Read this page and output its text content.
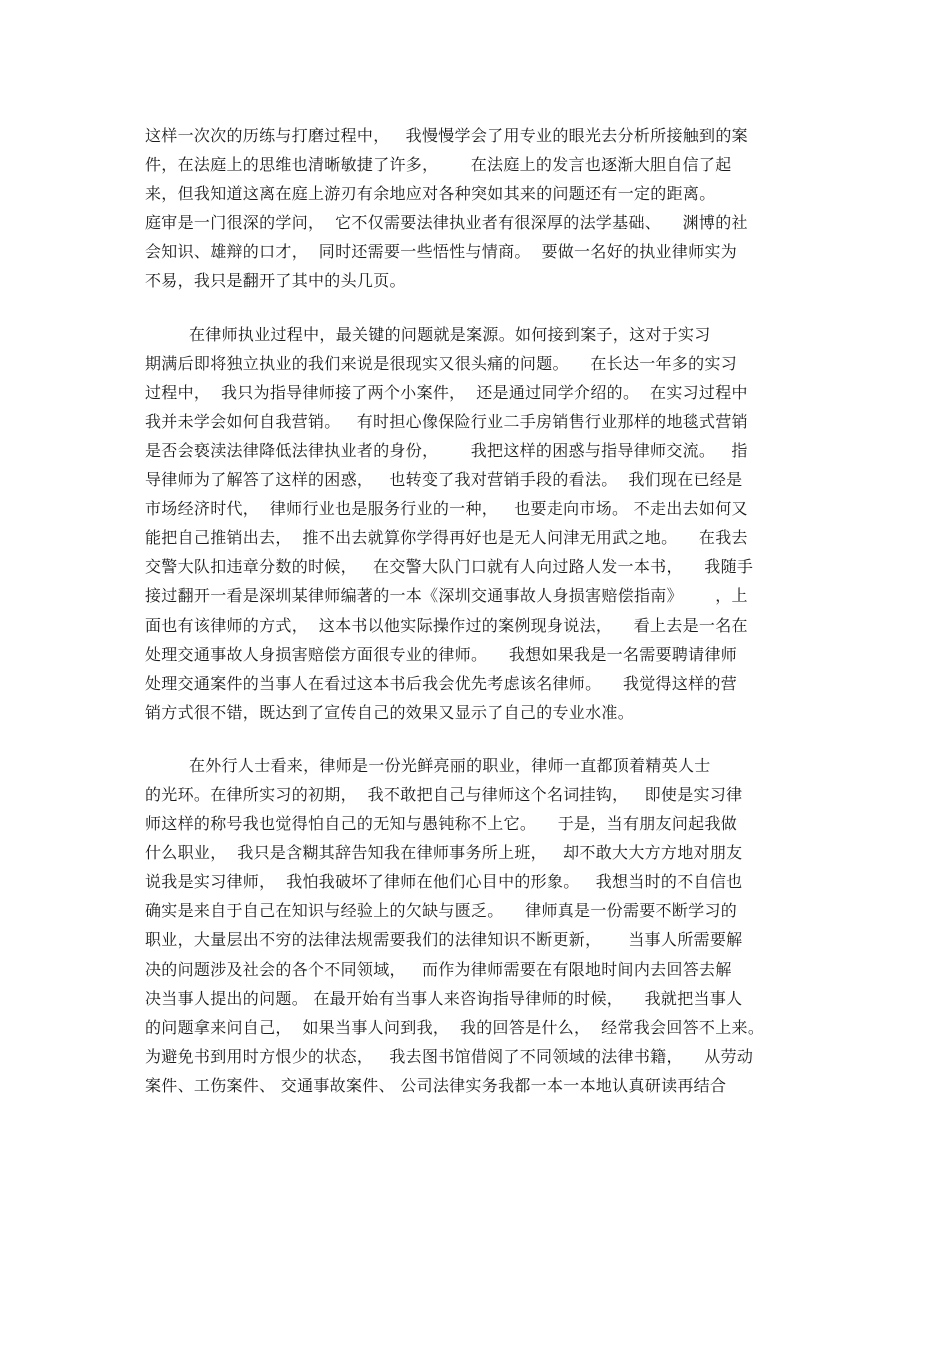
这样一次次的历练与打磨过程中，   我慢慢学会了用专业的眼光去分析所接触到的案
件，在法庭上的思维也清晰敏捷了许多，      在法庭上的发言也逐渐大胆自信了起
来，但我知道这离在庭上游刃有余地应对各种突如其来的问题还有一定的距离。
庭审是一门很深的学问，  它不仅需要法律执业者有很深厚的法学基础、    渊博的社
会知识、雄辩的口才，  同时还需要一些悟性与情商。  要做一名好的执业律师实为
不易，我只是翻开了其中的头几页。
在律师执业过程中，最关键的问题就是案源。如何接到案子，这对于实习
期满后即将独立执业的我们来说是很现实又很头痛的问题。    在长达一年多的实习
过程中，  我只为指导律师接了两个小案件，  还是通过同学介绍的。  在实习过程中
我并未学会如何自我营销。   有时担心像保险行业二手房销售行业那样的地毯式营销
是否会亵渎法律降低法律执业者的身份，      我把这样的困惑与指导律师交流。   指
导律师为了解答了这样的困惑，   也转变了我对营销手段的看法。  我们现在已经是
市场经济时代，  律师行业也是服务行业的一种，   也要走向市场。 不走出去如何又
能把自己推销出去，  推不出去就算你学得再好也是无人问津无用武之地。    在我去
交警大队扣违章分数的时候，   在交警大队门口就有人向过路人发一本书，    我随手
接过翻开一看是深圳某律师编著的一本《深圳交通事故人身损害赔偿指南》      ，上
面也有该律师的方式，  这本书以他实际操作过的案例现身说法，    看上去是一名在
处理交通事故人身损害赔偿方面很专业的律师。    我想如果我是一名需要聘请律师
处理交通案件的当事人在看过这本书后我会优先考虑该名律师。    我觉得这样的营
销方式很不错，既达到了宣传自己的效果又显示了自己的专业水准。
在外行人士看来，律师是一份光鲜亮丽的职业，律师一直都顶着精英人士
的光环。在律所实习的初期，  我不敢把自己与律师这个名词挂钩，   即使是实习律
师这样的称号我也觉得怕自己的无知与愚钝称不上它。    于是，当有朋友问起我做
什么职业，  我只是含糊其辞告知我在律师事务所上班，   却不敢大大方方地对朋友
说我是实习律师，  我怕我破坏了律师在他们心目中的形象。   我想当时的不自信也
确实是来自于自己在知识与经验上的欠缺与匮乏。    律师真是一份需要不断学习的
职业，大量层出不穷的法律法规需要我们的法律知识不断更新，     当事人所需要解
决的问题涉及社会的各个不同领域，   而作为律师需要在有限地时间内去回答去解
决当事人提出的问题。 在最开始有当事人来咨询指导律师的时候，    我就把当事人
的问题拿来问自己，  如果当事人问到我，  我的回答是什么，  经常我会回答不上来。
为避免书到用时方恨少的状态，   我去图书馆借阅了不同领域的法律书籍，    从劳动
案件、工伤案件、 交通事故案件、 公司法律实务我都一本一本地认真研读再结合
